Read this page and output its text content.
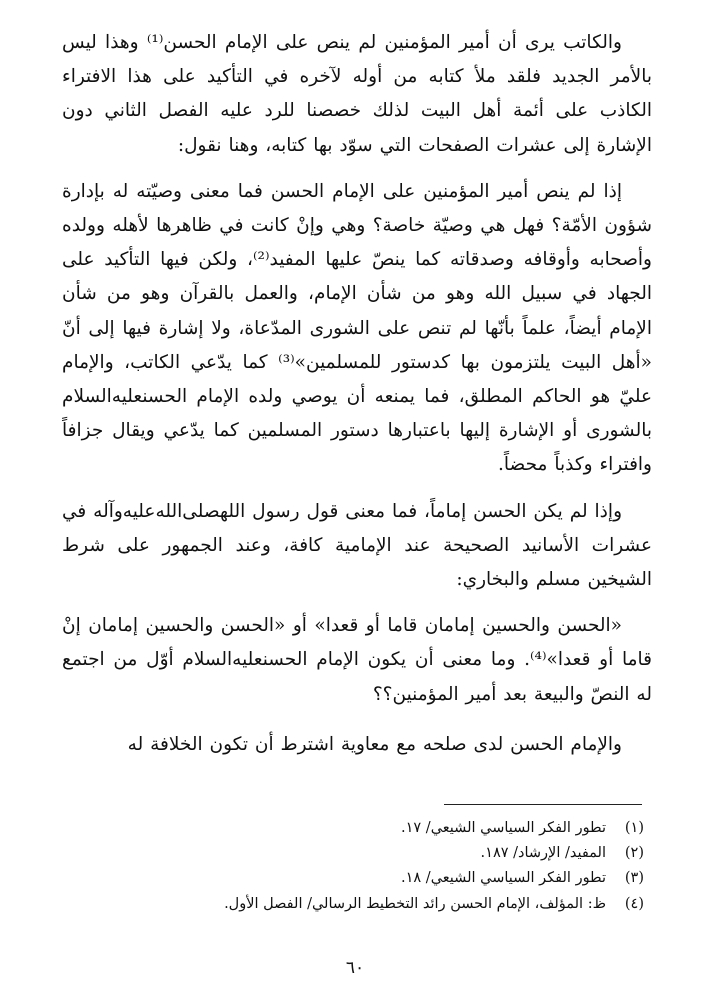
والكاتب يرى أن أمير المؤمنين لم ينص على الإمام الحسن⁽¹⁾ وهذا ليس بالأمر الجديد فلقد ملأ كتابه من أوله لآخره في التأكيد على هذا الافتراء الكاذب على أئمة أهل البيت لذلك خصصنا للرد عليه الفصل الثاني دون الإشارة إلى عشرات الصفحات التي سوّد بها كتابه، وهنا نقول:

إذا لم ينص أمير المؤمنين على الإمام الحسن فما معنى وصيّته له بإدارة شؤون الأمّة؟ فهل هي وصيّة خاصة؟ وهي وإنْ كانت في ظاهرها لأهله وولده وأصحابه وأوقافه وصدقاته كما ينصّ عليها المفيد⁽²⁾، ولكن فيها التأكيد على الجهاد في سبيل الله وهو من شأن الإمام، والعمل بالقرآن وهو من شأن الإمام أيضاً، علماً بأنّها لم تنص على الشورى المدّعاة، ولا إشارة فيها إلى أنّ «أهل البيت يلتزمون بها كدستور للمسلمين»⁽³⁾ كما يدّعي الكاتب، والإمام عليّ هو الحاكم المطلق، فما يمنعه أن يوصي ولده الإمام الحسنعليه‌السلام بالشورى أو الإشارة إليها باعتبارها دستور المسلمين كما يدّعي ويقال جزافاً وافتراء وكذباً محضاً.

وإذا لم يكن الحسن إماماً، فما معنى قول رسول اللهصلى‌الله‌عليه‌وآله في عشرات الأسانيد الصحيحة عند الإمامية كافة، وعند الجمهور على شرط الشيخين مسلم والبخاري:

«الحسن والحسين إمامان قاما أو قعدا» أو «الحسن والحسين إمامان إنْ قاما أو قعدا»⁽⁴⁾. وما معنى أن يكون الإمام الحسنعليه‌السلام أوّل من اجتمع له النصّ والبيعة بعد أمير المؤمنين؟؟

والإمام الحسن لدى صلحه مع معاوية اشترط أن تكون الخلافة له

(١)
تطور الفكر السياسي الشيعي/ ١٧.
(٢)
المفيد/ الإرشاد/ ١٨٧.
(٣)
تطور الفكر السياسي الشيعي/ ١٨.
(٤)
ظ: المؤلف، الإمام الحسن رائد التخطيط الرسالي/ الفصل الأول.
٦٠
